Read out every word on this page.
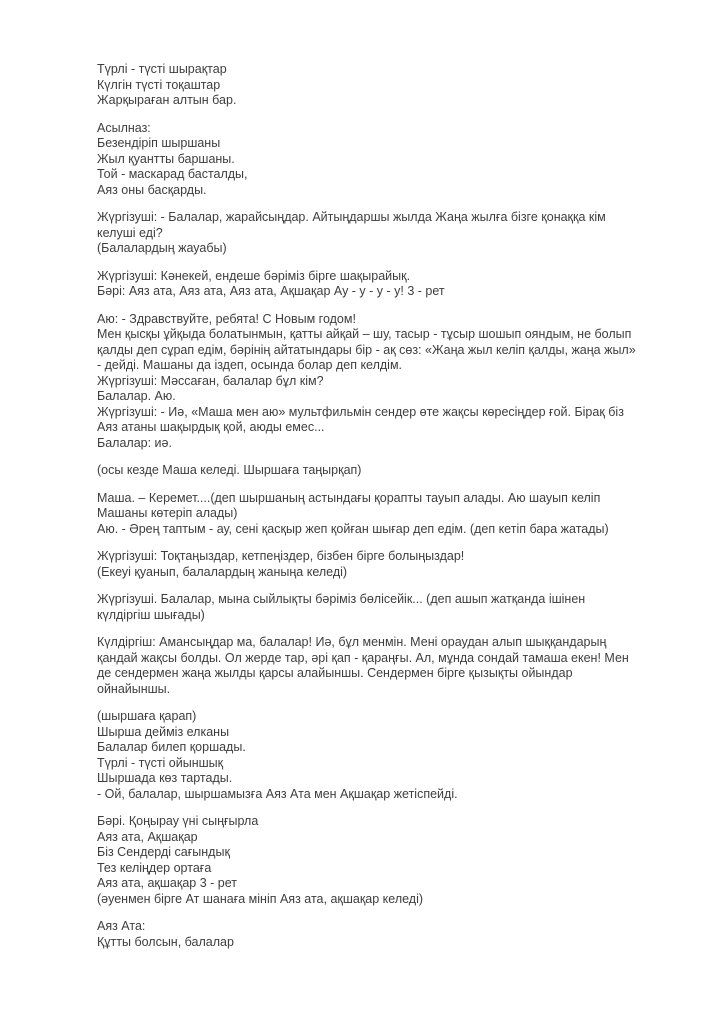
Түрлі - түсті шырақтар
Күлгін түсті тоқаштар
Жарқыраған алтын бар.

Асылназ:
Безендіріп шыршаны
Жыл қуантты баршаны.
Той - маскарад басталды,
Аяз оны басқарды.

Жүргізуші: - Балалар, жарайсыңдар. Айтыңдаршы жылда Жаңа жылға бізге қонаққа кім
келуші еді?
(Балалардың жауабы)

Жүргізуші: Кәнекей, ендеше бәріміз бірге шақырайық.
Бәрі: Аяз ата, Аяз ата, Аяз ата, Ақшақар Ау - у - у - у! 3 - рет

Аю: - Здравствуйте, ребята! С Новым годом!
Мен қысқы ұйқыда болатынмын, қатты айқай – шу, тасыр - тұсыр шошып ояндым, не болып
қалды деп сұрап едім, бәрінің айтатындары бір - ақ сөз: «Жаңа жыл келіп қалды, жаңа жыл»
- дейді. Машаны да іздеп, осында болар деп келдім.
Жүргізуші: Мәссаған, балалар бұл кім?
Балалар. Аю.
Жүргізуші: - Иә, «Маша мен аю» мультфильмін сендер өте жақсы көресіңдер ғой. Бірақ біз
Аяз атаны шақырдық қой, аюды емес...
Балалар: иә.

(осы кезде Маша келеді. Шыршаға таңырқап)

Маша. – Керемет....(деп шыршаның астындағы қорапты тауып алады. Аю шауып келіп
Машаны көтеріп алады)
Аю. - Әрең таптым - ау, сені қасқыр жеп қойған шығар деп едім. (деп кетіп бара жатады)

Жүргізуші: Тоқтаңыздар, кетпеңіздер, бізбен бірге болыңыздар!
(Екеуі қуанып, балалардың жаныңа келеді)

Жүргізуші. Балалар, мына сыйлықты бәріміз бөлісейік... (деп ашып жатқанда ішінен
күлдіргіш шығады)

Күлдіргіш: Амансыңдар ма, балалар! Иә, бұл менмін. Мені ораудан алып шыққандарың
қандай жақсы болды. Ол жерде тар, әрі қап - қараңғы. Ал, мұнда сондай тамаша екен! Мен
де сендермен жаңа жылды қарсы алайыншы. Сендермен бірге қызықты ойындар
ойнайыншы.

(шыршаға қарап)
Шырша дейміз елканы
Балалар билеп қоршады.
Түрлі - түсті ойыншық
Шыршада көз тартады.
- Ой, балалар, шыршамызға Аяз Ата мен Ақшақар жетіспейді.

Бәрі. Қоңырау үні сыңғырла
Аяз ата, Ақшақар
Біз Сендерді сағындық
Тез келіңдер ортаға
Аяз ата, ақшақар 3 - рет
(әуенмен бірге Ат шанаға мініп Аяз ата, ақшақар келеді)

Аяз Ата:
Құтты болсын, балалар
